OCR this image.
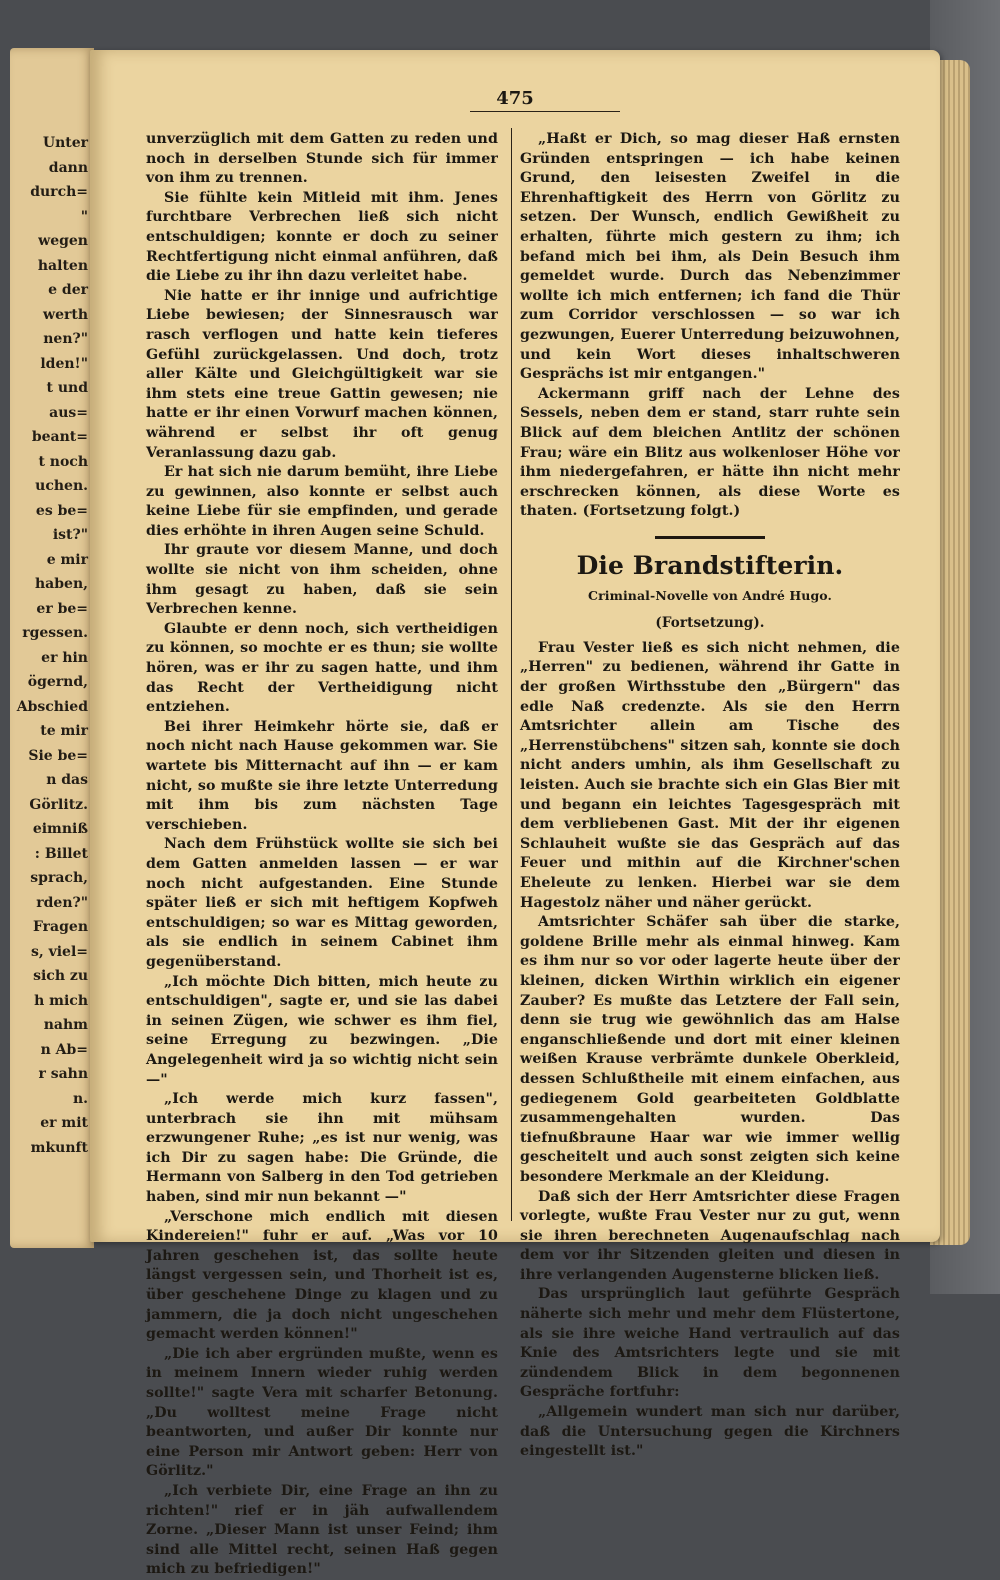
Unter
dann
durch=
"
wegen
halten
e der
werth
nen?"
lden!"
t und
aus=
beant=
t noch
uchen.
es be=
ist?"
e mir
haben,
er be=
rgessen.
er hin
ögernd,
Abschied
te mir
Sie be=
n das
Görlitz.
eimniß
: Billet
sprach,
rden?"
Fragen
s, viel=
sich zu
h mich
nahm
n Ab=
r sahn
n.
er mit
mkunft
475

unverzüglich mit dem Gatten zu reden und noch in derselben Stunde sich für immer von ihm zu trennen.

Sie fühlte kein Mitleid mit ihm. Jenes furchtbare Verbrechen ließ sich nicht entschuldigen; konnte er doch zu seiner Rechtfertigung nicht einmal anführen, daß die Liebe zu ihr ihn dazu verleitet habe.

Nie hatte er ihr innige und aufrichtige Liebe bewiesen; der Sinnesrausch war rasch verflogen und hatte kein tieferes Gefühl zurückgelassen. Und doch, trotz aller Kälte und Gleichgültigkeit war sie ihm stets eine treue Gattin gewesen; nie hatte er ihr einen Vorwurf machen können, während er selbst ihr oft genug Veranlassung dazu gab.

Er hat sich nie darum bemüht, ihre Liebe zu gewinnen, also konnte er selbst auch keine Liebe für sie empfinden, und gerade dies erhöhte in ihren Augen seine Schuld.

Ihr graute vor diesem Manne, und doch wollte sie nicht von ihm scheiden, ohne ihm gesagt zu haben, daß sie sein Verbrechen kenne.

Glaubte er denn noch, sich vertheidigen zu können, so mochte er es thun; sie wollte hören, was er ihr zu sagen hatte, und ihm das Recht der Vertheidigung nicht entziehen.

Bei ihrer Heimkehr hörte sie, daß er noch nicht nach Hause gekommen war. Sie wartete bis Mitternacht auf ihn — er kam nicht, so mußte sie ihre letzte Unterredung mit ihm bis zum nächsten Tage verschieben.

Nach dem Frühstück wollte sie sich bei dem Gatten anmelden lassen — er war noch nicht aufgestanden. Eine Stunde später ließ er sich mit heftigem Kopfweh entschuldigen; so war es Mittag geworden, als sie endlich in seinem Cabinet ihm gegenüberstand.

„Ich möchte Dich bitten, mich heute zu entschuldigen", sagte er, und sie las dabei in seinen Zügen, wie schwer es ihm fiel, seine Erregung zu bezwingen. „Die Angelegenheit wird ja so wichtig nicht sein —"

„Ich werde mich kurz fassen", unterbrach sie ihn mit mühsam erzwungener Ruhe; „es ist nur wenig, was ich Dir zu sagen habe: Die Gründe, die Hermann von Salberg in den Tod getrieben haben, sind mir nun bekannt —"

„Verschone mich endlich mit diesen Kindereien!" fuhr er auf. „Was vor 10 Jahren geschehen ist, das sollte heute längst vergessen sein, und Thorheit ist es, über geschehene Dinge zu klagen und zu jammern, die ja doch nicht ungeschehen gemacht werden können!"

„Die ich aber ergründen mußte, wenn es in meinem Innern wieder ruhig werden sollte!" sagte Vera mit scharfer Betonung. „Du wolltest meine Frage nicht beantworten, und außer Dir konnte nur eine Person mir Antwort geben: Herr von Görlitz."

„Ich verbiete Dir, eine Frage an ihn zu richten!" rief er in jäh aufwallendem Zorne. „Dieser Mann ist unser Feind; ihm sind alle Mittel recht, seinen Haß gegen mich zu befriedigen!"

„Haßt er Dich, so mag dieser Haß ernsten Gründen entspringen — ich habe keinen Grund, den leisesten Zweifel in die Ehrenhaftigkeit des Herrn von Görlitz zu setzen. Der Wunsch, endlich Gewißheit zu erhalten, führte mich gestern zu ihm; ich befand mich bei ihm, als Dein Besuch ihm gemeldet wurde. Durch das Nebenzimmer wollte ich mich entfernen; ich fand die Thür zum Corridor verschlossen — so war ich gezwungen, Euerer Unterredung beizuwohnen, und kein Wort dieses inhaltschweren Gesprächs ist mir entgangen."

Ackermann griff nach der Lehne des Sessels, neben dem er stand, starr ruhte sein Blick auf dem bleichen Antlitz der schönen Frau; wäre ein Blitz aus wolkenloser Höhe vor ihm niedergefahren, er hätte ihn nicht mehr erschrecken können, als diese Worte es thaten. (Fortsetzung folgt.)

Die Brandstifterin.
Criminal-Novelle von André Hugo.
(Fortsetzung).

Frau Vester ließ es sich nicht nehmen, die „Herren" zu bedienen, während ihr Gatte in der großen Wirthsstube den „Bürgern" das edle Naß credenzte. Als sie den Herrn Amtsrichter allein am Tische des „Herrenstübchens" sitzen sah, konnte sie doch nicht anders umhin, als ihm Gesellschaft zu leisten. Auch sie brachte sich ein Glas Bier mit und begann ein leichtes Tagesgespräch mit dem verbliebenen Gast. Mit der ihr eigenen Schlauheit wußte sie das Gespräch auf das Feuer und mithin auf die Kirchner'schen Eheleute zu lenken. Hierbei war sie dem Hagestolz näher und näher gerückt.

Amtsrichter Schäfer sah über die starke, goldene Brille mehr als einmal hinweg. Kam es ihm nur so vor oder lagerte heute über der kleinen, dicken Wirthin wirklich ein eigener Zauber? Es mußte das Letztere der Fall sein, denn sie trug wie gewöhnlich das am Halse enganschließende und dort mit einer kleinen weißen Krause verbrämte dunkele Oberkleid, dessen Schlußtheile mit einem einfachen, aus gediegenem Gold gearbeiteten Goldblatte zusammengehalten wurden. Das tiefnußbraune Haar war wie immer wellig gescheitelt und auch sonst zeigten sich keine besondere Merkmale an der Kleidung.

Daß sich der Herr Amtsrichter diese Fragen vorlegte, wußte Frau Vester nur zu gut, wenn sie ihren berechneten Augenaufschlag nach dem vor ihr Sitzenden gleiten und diesen in ihre verlangenden Augensterne blicken ließ.

Das ursprünglich laut geführte Gespräch näherte sich mehr und mehr dem Flüstertone, als sie ihre weiche Hand vertraulich auf das Knie des Amtsrichters legte und sie mit zündendem Blick in dem begonnenen Gespräche fortfuhr:

„Allgemein wundert man sich nur darüber, daß die Untersuchung gegen die Kirchners eingestellt ist."
